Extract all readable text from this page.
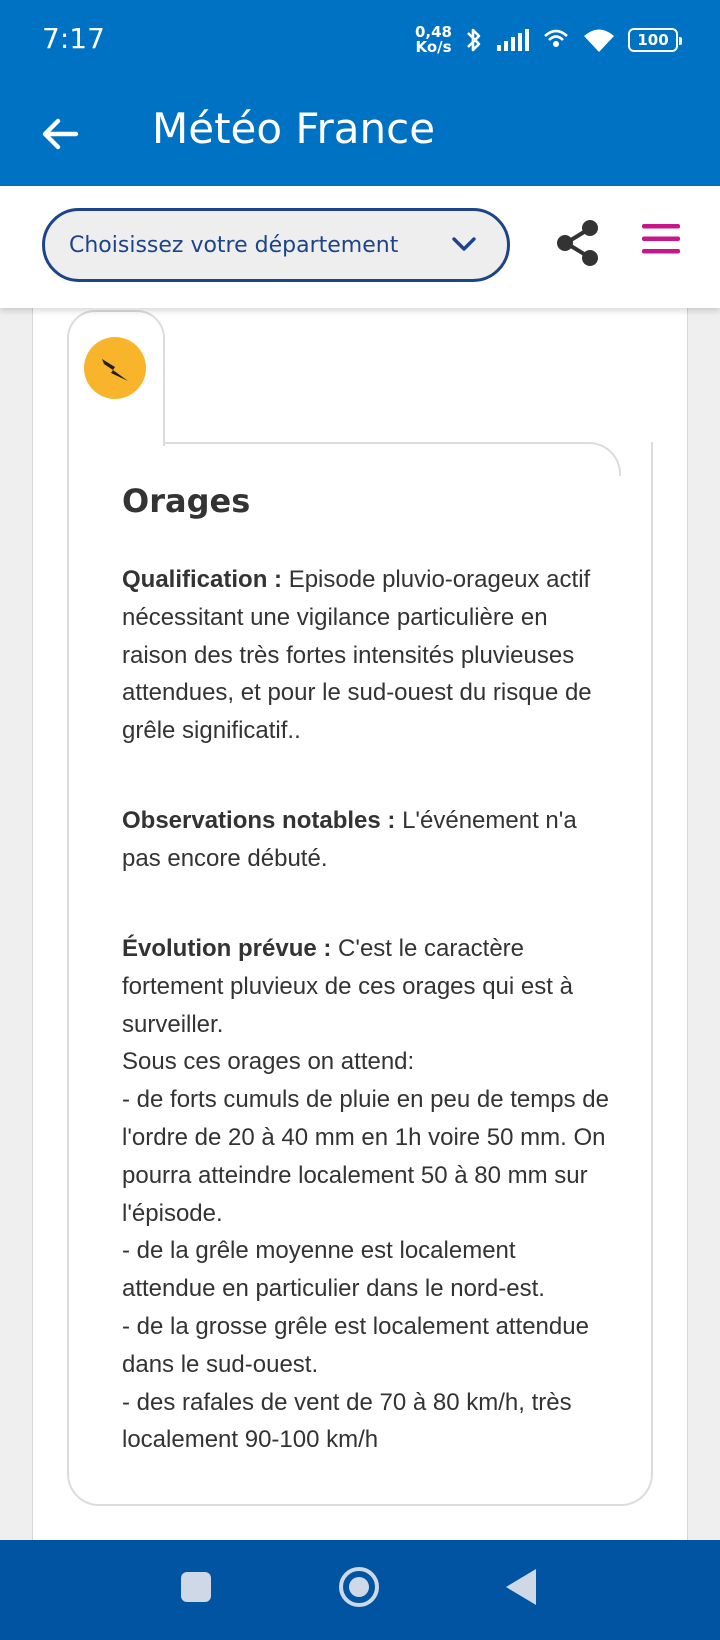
7:17	0,48
Ko/s	100
Météo France
Choisissez votre département
Orages
Qualification : Episode pluvio-orageux actif nécessitant une vigilance particulière en raison des très fortes intensités pluvieuses attendues, et pour le sud-ouest du risque de grêle significatif..
Observations notables : L'événement n'a pas encore débuté.
Évolution prévue : C'est le caractère fortement pluvieux de ces orages qui est à surveiller.
Sous ces orages on attend:
- de forts cumuls de pluie en peu de temps de l'ordre de 20 à 40 mm en 1h voire 50 mm. On pourra atteindre localement 50 à 80 mm sur l'épisode.
- de la grêle moyenne est localement attendue en particulier dans le nord-est.
- de la grosse grêle est localement attendue dans le sud-ouest.
- des rafales de vent de 70 à 80 km/h, très localement 90-100 km/h
